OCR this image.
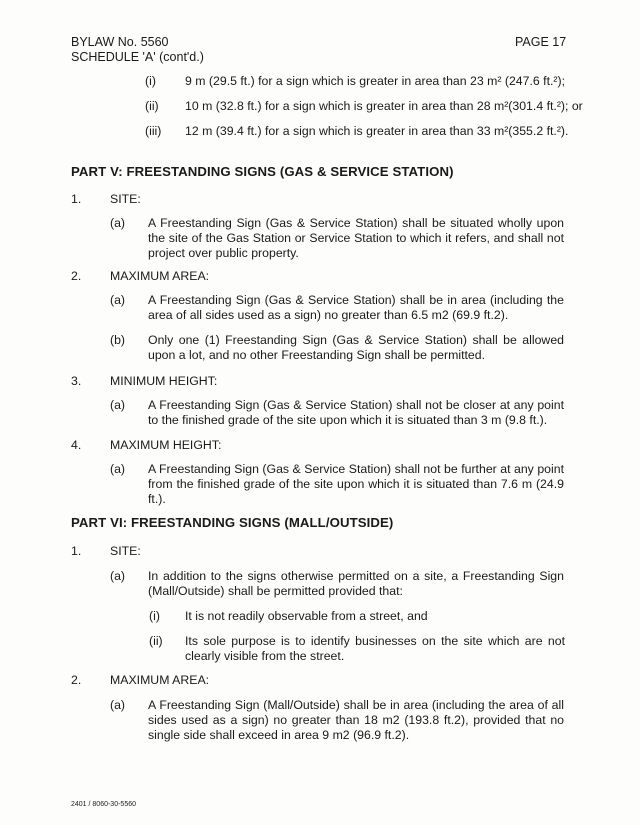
BYLAW No. 5560
SCHEDULE 'A' (cont'd.)
PAGE 17
(i) 9 m (29.5 ft.) for a sign which is greater in area than 23 m² (247.6 ft.²);
(ii) 10 m (32.8 ft.) for a sign which is greater in area than 28 m²(301.4 ft.²); or
(iii) 12 m (39.4 ft.) for a sign which is greater in area than 33 m²(355.2 ft.²).
PART V: FREESTANDING SIGNS (GAS & SERVICE STATION)
1. SITE:
(a) A Freestanding Sign (Gas & Service Station) shall be situated wholly upon the site of the Gas Station or Service Station to which it refers, and shall not project over public property.
2. MAXIMUM AREA:
(a) A Freestanding Sign (Gas & Service Station) shall be in area (including the area of all sides used as a sign) no greater than 6.5 m2 (69.9 ft.2).
(b) Only one (1) Freestanding Sign (Gas & Service Station) shall be allowed upon a lot, and no other Freestanding Sign shall be permitted.
3. MINIMUM HEIGHT:
(a) A Freestanding Sign (Gas & Service Station) shall not be closer at any point to the finished grade of the site upon which it is situated than 3 m (9.8 ft.).
4. MAXIMUM HEIGHT:
(a) A Freestanding Sign (Gas & Service Station) shall not be further at any point from the finished grade of the site upon which it is situated than 7.6 m (24.9 ft.).
PART VI: FREESTANDING SIGNS (MALL/OUTSIDE)
1. SITE:
(a) In addition to the signs otherwise permitted on a site, a Freestanding Sign (Mall/Outside) shall be permitted provided that:
(i) It is not readily observable from a street, and
(ii) Its sole purpose is to identify businesses on the site which are not clearly visible from the street.
2. MAXIMUM AREA:
(a) A Freestanding Sign (Mall/Outside) shall be in area (including the area of all sides used as a sign) no greater than 18 m2 (193.8 ft.2), provided that no single side shall exceed in area 9 m2 (96.9 ft.2).
2401 / 8060-30-5560
